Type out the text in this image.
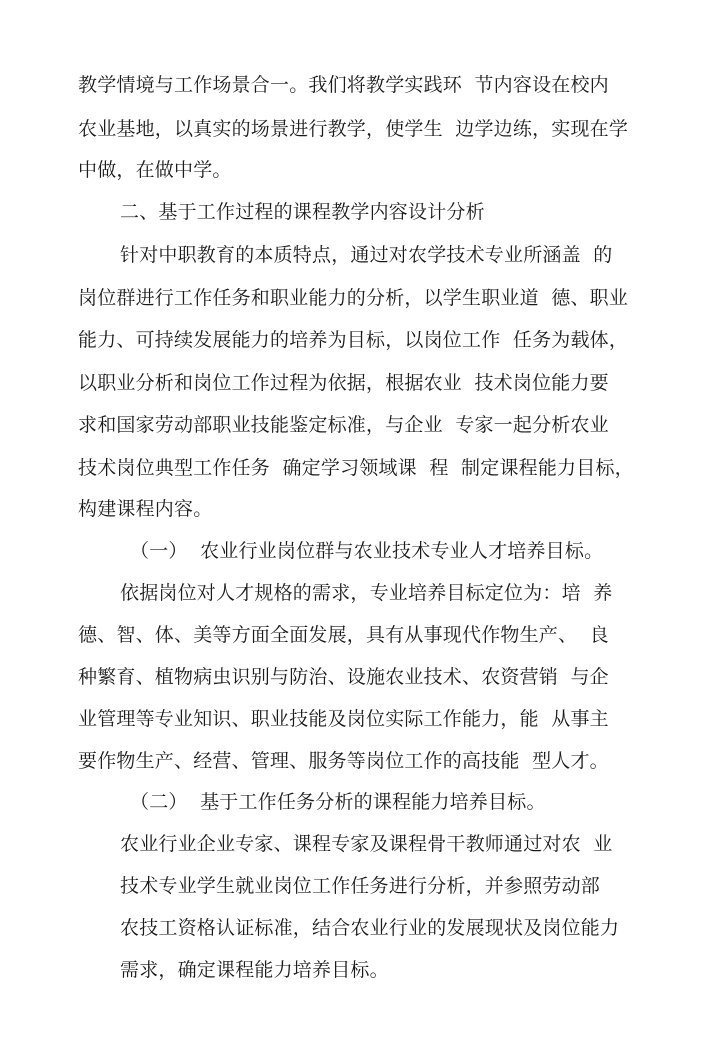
教学情境与工作场景合一。我们将教学实践环  节内容设在校内
农业基地，以真实的场景进行教学，使学生  边学边练，实现在学
中做，在做中学。
二、基于工作过程的课程教学内容设计分析
针对中职教育的本质特点，通过对农学技术专业所涵盖  的
岗位群进行工作任务和职业能力的分析，以学生职业道  德、职业
能力、可持续发展能力的培养为目标，以岗位工作  任务为载体，
以职业分析和岗位工作过程为依据，根据农业  技术岗位能力要
求和国家劳动部职业技能鉴定标准，与企业  专家一起分析农业
技术岗位典型工作任务  确定学习领域课  程  制定课程能力目标，
构建课程内容。
（一）  农业行业岗位群与农业技术专业人才培养目标。
依据岗位对人才规格的需求，专业培养目标定位为：培  养
德、智、体、美等方面全面发展，具有从事现代作物生产、  良
种繁育、植物病虫识别与防治、设施农业技术、农资营销  与企
业管理等专业知识、职业技能及岗位实际工作能力，能  从事主
要作物生产、经营、管理、服务等岗位工作的高技能  型人才。
（二）  基于工作任务分析的课程能力培养目标。
农业行业企业专家、课程专家及课程骨干教师通过对农  业
技术专业学生就业岗位工作任务进行分析，并参照劳动部
农技工资格认证标准，结合农业行业的发展现状及岗位能力
需求，确定课程能力培养目标。
